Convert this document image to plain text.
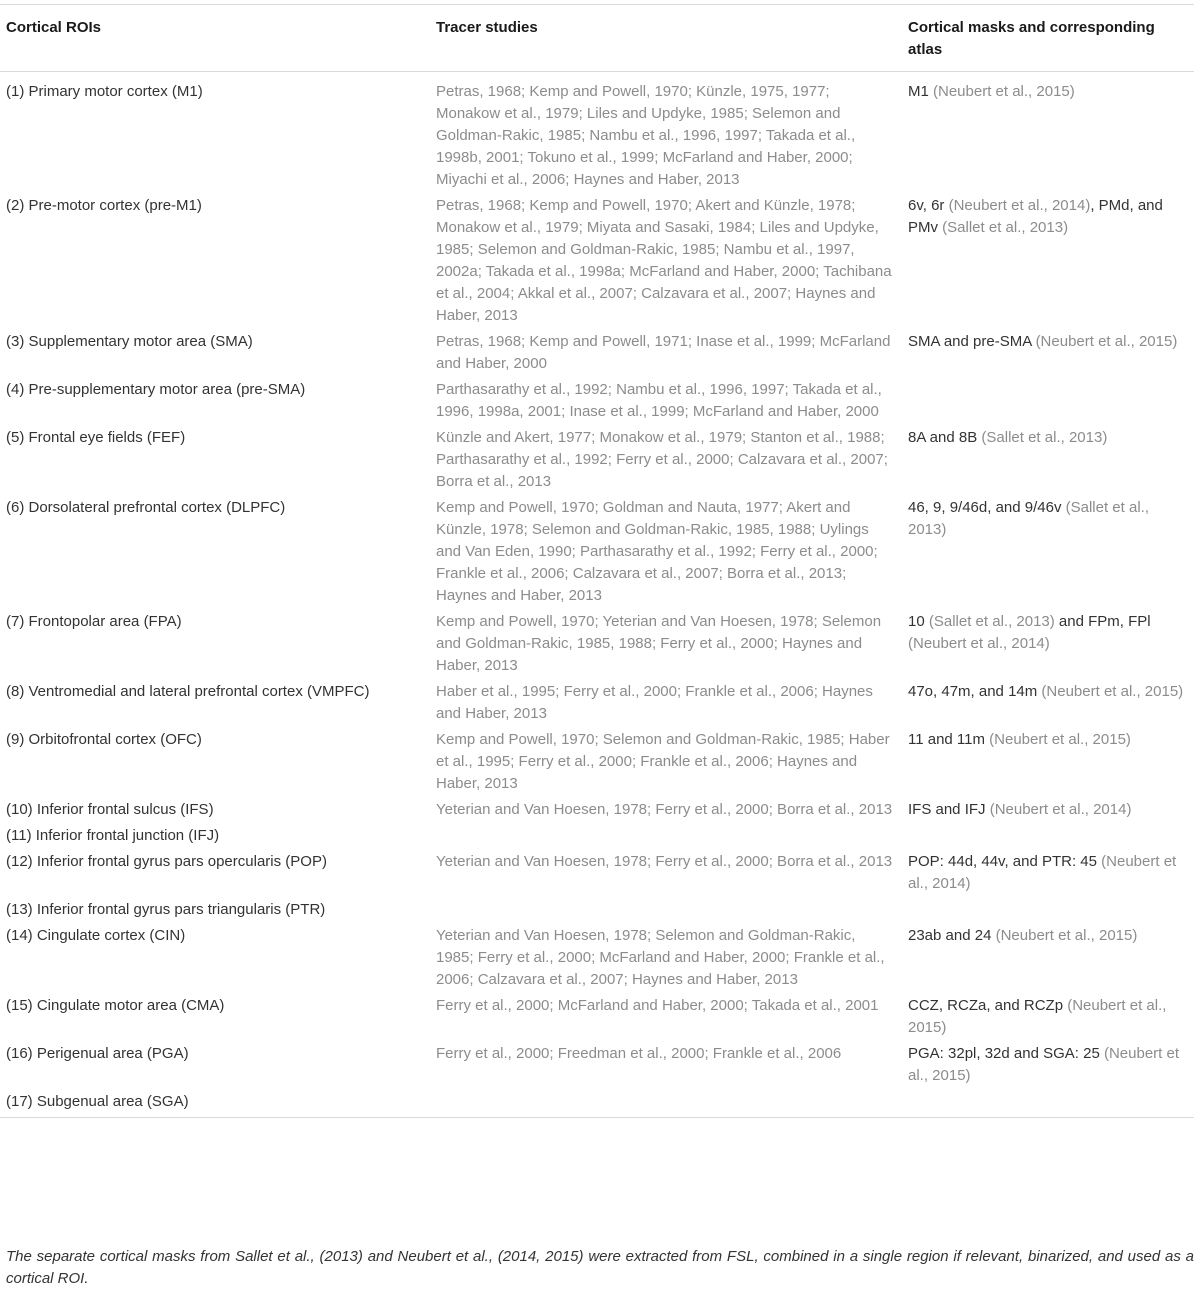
Cortical ROIs	Tracer studies	Cortical masks and corresponding atlas
(1) Primary motor cortex (M1)	Petras, 1968; Kemp and Powell, 1970; Künzle, 1975, 1977; Monakow et al., 1979; Liles and Updyke, 1985; Selemon and Goldman-Rakic, 1985; Nambu et al., 1996, 1997; Takada et al., 1998b, 2001; Tokuno et al., 1999; McFarland and Haber, 2000; Miyachi et al., 2006; Haynes and Haber, 2013	M1 (Neubert et al., 2015)
(2) Pre-motor cortex (pre-M1)	Petras, 1968; Kemp and Powell, 1970; Akert and Künzle, 1978; Monakow et al., 1979; Miyata and Sasaki, 1984; Liles and Updyke, 1985; Selemon and Goldman-Rakic, 1985; Nambu et al., 1997, 2002a; Takada et al., 1998a; McFarland and Haber, 2000; Tachibana et al., 2004; Akkal et al., 2007; Calzavara et al., 2007; Haynes and Haber, 2013	6v, 6r (Neubert et al., 2014), PMd, and PMv (Sallet et al., 2013)
(3) Supplementary motor area (SMA)	Petras, 1968; Kemp and Powell, 1971; Inase et al., 1999; McFarland and Haber, 2000	SMA and pre-SMA (Neubert et al., 2015)
(4) Pre-supplementary motor area (pre-SMA)	Parthasarathy et al., 1992; Nambu et al., 1996, 1997; Takada et al., 1996, 1998a, 2001; Inase et al., 1999; McFarland and Haber, 2000	
(5) Frontal eye fields (FEF)	Künzle and Akert, 1977; Monakow et al., 1979; Stanton et al., 1988; Parthasarathy et al., 1992; Ferry et al., 2000; Calzavara et al., 2007; Borra et al., 2013	8A and 8B (Sallet et al., 2013)
(6) Dorsolateral prefrontal cortex (DLPFC)	Kemp and Powell, 1970; Goldman and Nauta, 1977; Akert and Künzle, 1978; Selemon and Goldman-Rakic, 1985, 1988; Uylings and Van Eden, 1990; Parthasarathy et al., 1992; Ferry et al., 2000; Frankle et al., 2006; Calzavara et al., 2007; Borra et al., 2013; Haynes and Haber, 2013	46, 9, 9/46d, and 9/46v (Sallet et al., 2013)
(7) Frontopolar area (FPA)	Kemp and Powell, 1970; Yeterian and Van Hoesen, 1978; Selemon and Goldman-Rakic, 1985, 1988; Ferry et al., 2000; Haynes and Haber, 2013	10 (Sallet et al., 2013) and FPm, FPl (Neubert et al., 2014)
(8) Ventromedial and lateral prefrontal cortex (VMPFC)	Haber et al., 1995; Ferry et al., 2000; Frankle et al., 2006; Haynes and Haber, 2013	47o, 47m, and 14m (Neubert et al., 2015)
(9) Orbitofrontal cortex (OFC)	Kemp and Powell, 1970; Selemon and Goldman-Rakic, 1985; Haber et al., 1995; Ferry et al., 2000; Frankle et al., 2006; Haynes and Haber, 2013	11 and 11m (Neubert et al., 2015)
(10) Inferior frontal sulcus (IFS)	Yeterian and Van Hoesen, 1978; Ferry et al., 2000; Borra et al., 2013	IFS and IFJ (Neubert et al., 2014)
(11) Inferior frontal junction (IFJ)		
(12) Inferior frontal gyrus pars opercularis (POP)	Yeterian and Van Hoesen, 1978; Ferry et al., 2000; Borra et al., 2013	POP: 44d, 44v, and PTR: 45 (Neubert et al., 2014)
(13) Inferior frontal gyrus pars triangularis (PTR)		
(14) Cingulate cortex (CIN)	Yeterian and Van Hoesen, 1978; Selemon and Goldman-Rakic, 1985; Ferry et al., 2000; McFarland and Haber, 2000; Frankle et al., 2006; Calzavara et al., 2007; Haynes and Haber, 2013	23ab and 24 (Neubert et al., 2015)
(15) Cingulate motor area (CMA)	Ferry et al., 2000; McFarland and Haber, 2000; Takada et al., 2001	CCZ, RCZa, and RCZp (Neubert et al., 2015)
(16) Perigenual area (PGA)	Ferry et al., 2000; Freedman et al., 2000; Frankle et al., 2006	PGA: 32pl, 32d and SGA: 25 (Neubert et al., 2015)
(17) Subgenual area (SGA)		
The separate cortical masks from Sallet et al., (2013) and Neubert et al., (2014, 2015) were extracted from FSL, combined in a single region if relevant, binarized, and used as a cortical ROI.
